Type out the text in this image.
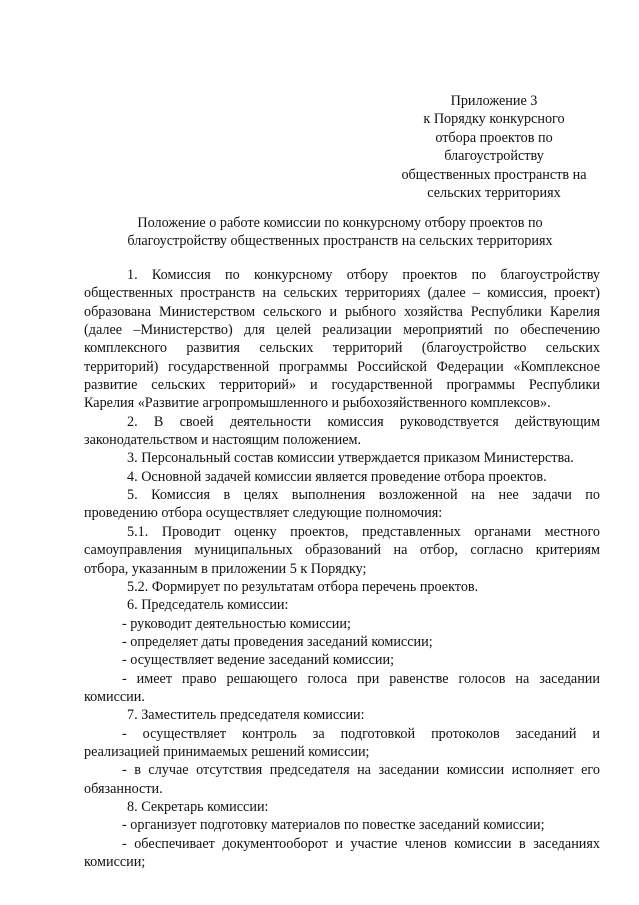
Приложение 3
к Порядку конкурсного
отбора проектов по
благоустройству
общественных пространств на
сельских территориях
Положение о работе комиссии по конкурсному отбору проектов по
благоустройству общественных пространств на сельских территориях
1. Комиссия по конкурсному отбору проектов по благоустройству
общественных пространств на сельских территориях (далее – комиссия, проект)
образована Министерством сельского и рыбного хозяйства Республики Карелия
(далее –Министерство) для целей реализации мероприятий по обеспечению
комплексного развития сельских территорий (благоустройство сельских
территорий) государственной программы Российской Федерации «Комплексное
развитие сельских территорий» и государственной программы Республики
Карелия «Развитие агропромышленного и рыбохозяйственного комплексов».
2. В своей деятельности комиссия руководствуется действующим
законодательством и настоящим положением.
3. Персональный состав комиссии утверждается приказом Министерства.
4. Основной задачей комиссии является проведение отбора проектов.
5. Комиссия в целях выполнения возложенной на нее задачи по
проведению отбора осуществляет следующие полномочия:
5.1. Проводит оценку проектов, представленных органами местного
самоуправления муниципальных образований на отбор, согласно критериям
отбора, указанным в приложении 5 к Порядку;
5.2. Формирует по результатам отбора перечень проектов.
6. Председатель комиссии:
- руководит деятельностью комиссии;
- определяет даты проведения заседаний комиссии;
- осуществляет ведение заседаний комиссии;
- имеет право решающего голоса при равенстве голосов на заседании
комиссии.
7. Заместитель председателя комиссии:
- осуществляет контроль за подготовкой протоколов заседаний и
реализацией принимаемых решений комиссии;
- в случае отсутствия председателя на заседании комиссии исполняет его
обязанности.
8. Секретарь комиссии:
- организует подготовку материалов по повестке заседаний комиссии;
- обеспечивает документооборот и участие членов комиссии в заседаниях
комиссии;
